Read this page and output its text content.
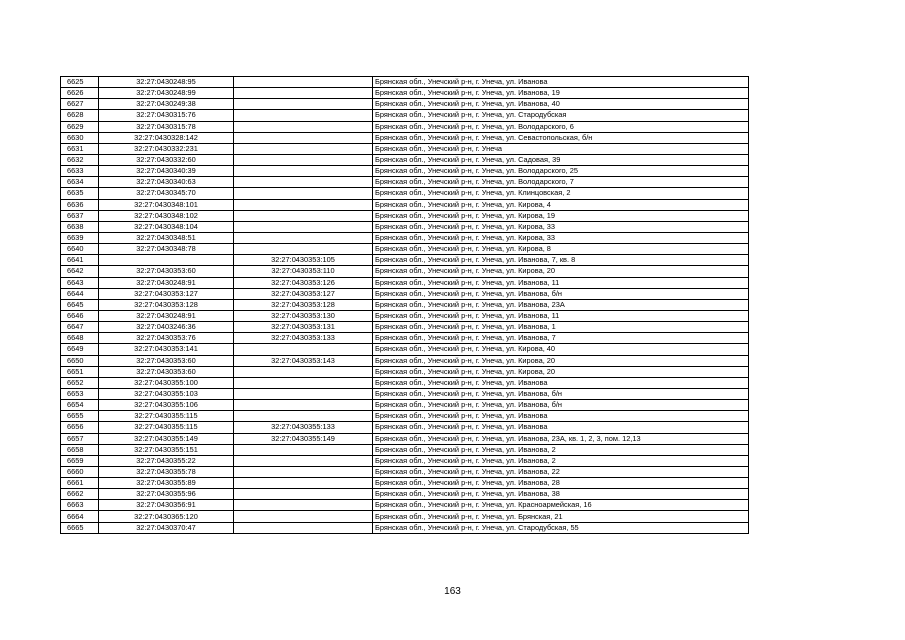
6625	32:27:0430248:95		Брянская обл., Унечский р-н, г. Унеча, ул. Иванова
6626	32:27:0430248:99		Брянская обл., Унечский р-н, г. Унеча, ул. Иванова, 19
6627	32:27:0430249:38		Брянская обл., Унечский р-н, г. Унеча, ул. Иванова, 40
6628	32:27:0430315:76		Брянская обл., Унечский р-н, г. Унеча, ул. Стародубская
6629	32:27:0430315:78		Брянская обл., Унечский р-н, г. Унеча, ул. Володарского, 6
6630	32:27:0430328:142		Брянская обл., Унечский р-н, г. Унеча, ул. Севастопольская, б/н
6631	32:27:0430332:231		Брянская обл., Унечский р-н, г. Унеча
6632	32:27:0430332:60		Брянская обл., Унечский р-н, г. Унеча, ул. Садовая, 39
6633	32:27:0430340:39		Брянская обл., Унечский р-н, г. Унеча, ул. Володарского, 25
6634	32:27:0430340:63		Брянская обл., Унечский р-н, г. Унеча, ул. Володарского, 7
6635	32:27:0430345:70		Брянская обл., Унечский р-н, г. Унеча, ул. Клинцовская, 2
6636	32:27:0430348:101		Брянская обл., Унечский р-н, г. Унеча, ул. Кирова, 4
6637	32:27:0430348:102		Брянская обл., Унечский р-н, г. Унеча, ул. Кирова, 19
6638	32:27:0430348:104		Брянская обл., Унечский р-н, г. Унеча, ул. Кирова, 33
6639	32:27:0430348:51		Брянская обл., Унечский р-н, г. Унеча, ул. Кирова, 33
6640	32:27:0430348:78		Брянская обл., Унечский р-н, г. Унеча, ул. Кирова, 8
6641		32:27:0430353:105	Брянская обл., Унечский р-н, г. Унеча, ул. Иванова, 7, кв. 8
6642	32:27:0430353:60	32:27:0430353:110	Брянская обл., Унечский р-н, г. Унеча, ул. Кирова, 20
6643	32:27:0430248:91	32:27:0430353:126	Брянская обл., Унечский р-н, г. Унеча, ул. Иванова, 11
6644	32:27:0430353:127	32:27:0430353:127	Брянская обл., Унечский р-н, г. Унеча, ул. Иванова, б/н
6645	32:27:0430353:128	32:27:0430353:128	Брянская обл., Унечский р-н, г. Унеча, ул. Иванова, 23А
6646	32:27:0430248:91	32:27:0430353:130	Брянская обл., Унечский р-н, г. Унеча, ул. Иванова, 11
6647	32:27:0403246:36	32:27:0430353:131	Брянская обл., Унечский р-н, г. Унеча, ул. Иванова, 1
6648	32:27:0430353:76	32:27:0430353:133	Брянская обл., Унечский р-н, г. Унеча, ул. Иванова, 7
6649	32:27:0430353:141		Брянская обл., Унечский р-н, г. Унеча, ул. Кирова, 40
6650	32:27:0430353:60	32:27:0430353:143	Брянская обл., Унечский р-н, г. Унеча, ул. Кирова, 20
6651	32:27:0430353:60		Брянская обл., Унечский р-н, г. Унеча, ул. Кирова, 20
6652	32:27:0430355:100		Брянская обл., Унечский р-н, г. Унеча, ул. Иванова
6653	32:27:0430355:103		Брянская обл., Унечский р-н, г. Унеча, ул. Иванова, б/н
6654	32:27:0430355:106		Брянская обл., Унечский р-н, г. Унеча, ул. Иванова, б/н
6655	32:27:0430355:115		Брянская обл., Унечский р-н, г. Унеча, ул. Иванова
6656	32:27:0430355:115	32:27:0430355:133	Брянская обл., Унечский р-н, г. Унеча, ул. Иванова
6657	32:27:0430355:149	32:27:0430355:149	Брянская обл., Унечский р-н, г. Унеча, ул. Иванова, 23А, кв. 1, 2, 3, пом. 12,13
6658	32:27:0430355:151		Брянская обл., Унечский р-н, г. Унеча, ул. Иванова, 2
6659	32:27:0430355:22		Брянская обл., Унечский р-н, г. Унеча, ул. Иванова, 2
6660	32:27:0430355:78		Брянская обл., Унечский р-н, г. Унеча, ул. Иванова, 22
6661	32:27:0430355:89		Брянская обл., Унечский р-н, г. Унеча, ул. Иванова, 28
6662	32:27:0430355:96		Брянская обл., Унечский р-н, г. Унеча, ул. Иванова, 38
6663	32:27:0430356:91		Брянская обл., Унечский р-н, г. Унеча, ул. Красноармейская, 16
6664	32:27:0430365:120		Брянская обл., Унечский р-н, г. Унеча, ул. Брянская, 21
6665	32:27:0430370:47		Брянская обл., Унечский р-н, г. Унеча, ул. Стародубская, 55
163
